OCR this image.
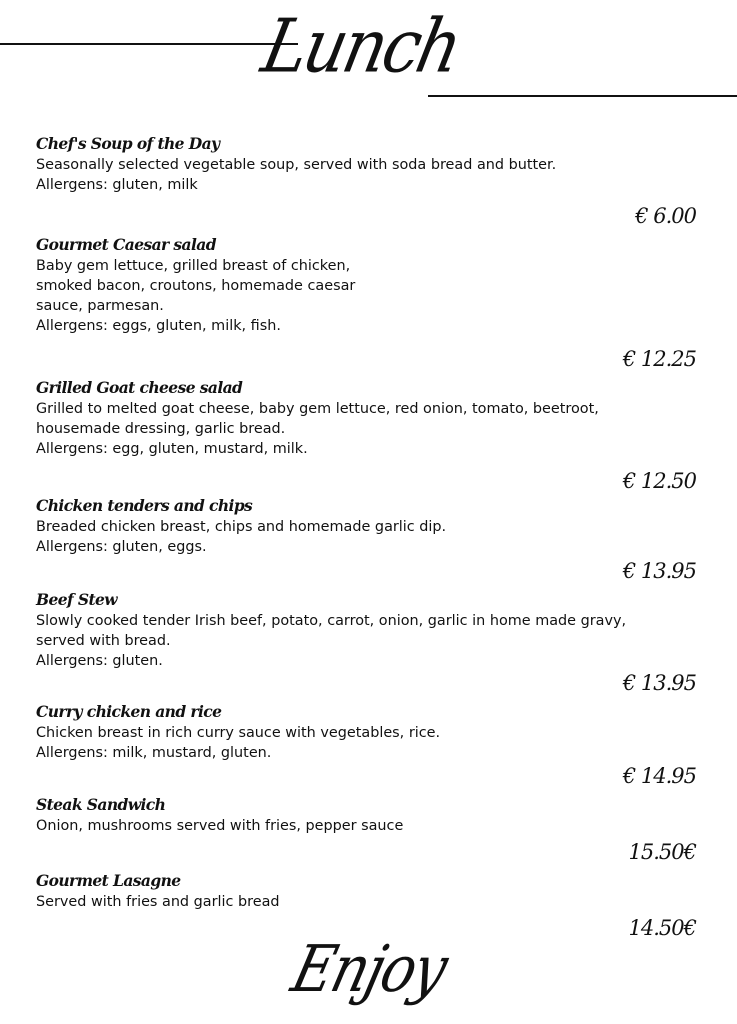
Lunch
Chef's Soup of the Day
Seasonally selected vegetable soup, served with soda bread and butter.
Allergens: gluten, milk
€ 6.00
Gourmet Caesar salad
Baby gem lettuce, grilled breast of chicken,
smoked bacon, croutons, homemade caesar
sauce, parmesan.
Allergens: eggs, gluten, milk, fish.
€ 12.25
Grilled Goat cheese salad
Grilled to melted goat cheese, baby gem lettuce, red onion, tomato, beetroot,
housemade dressing, garlic bread.
Allergens: egg, gluten, mustard, milk.
€ 12.50
Chicken tenders and chips
Breaded chicken breast, chips and homemade garlic dip.
Allergens: gluten, eggs.
€ 13.95
Beef Stew
Slowly cooked tender Irish beef, potato, carrot, onion, garlic in home made gravy,
served with bread.
Allergens: gluten.
€ 13.95
Curry chicken and rice
Chicken breast in rich curry sauce with vegetables, rice.
Allergens: milk, mustard, gluten.
€ 14.95
Steak Sandwich
Onion, mushrooms served with fries, pepper sauce
15.50€
Gourmet Lasagne
Served with fries and garlic bread
14.50€
Enjoy
